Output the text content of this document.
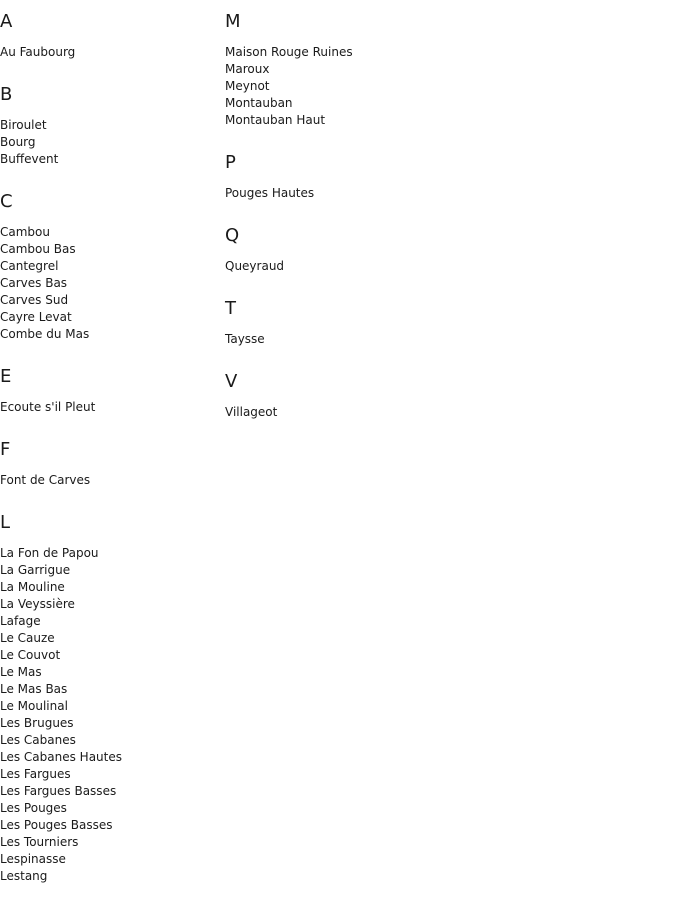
A
Au Faubourg
B
Biroulet
Bourg
Buffevent
C
Cambou
Cambou Bas
Cantegrel
Carves Bas
Carves Sud
Cayre Levat
Combe du Mas
E
Ecoute s'il Pleut
F
Font de Carves
L
La Fon de Papou
La Garrigue
La Mouline
La Veyssière
Lafage
Le Cauze
Le Couvot
Le Mas
Le Mas Bas
Le Moulinal
Les Brugues
Les Cabanes
Les Cabanes Hautes
Les Fargues
Les Fargues Basses
Les Pouges
Les Pouges Basses
Les Tourniers
Lespinasse
Lestang
M
Maison Rouge Ruines
Maroux
Meynot
Montauban
Montauban Haut
P
Pouges Hautes
Q
Queyraud
T
Taysse
V
Villageot
